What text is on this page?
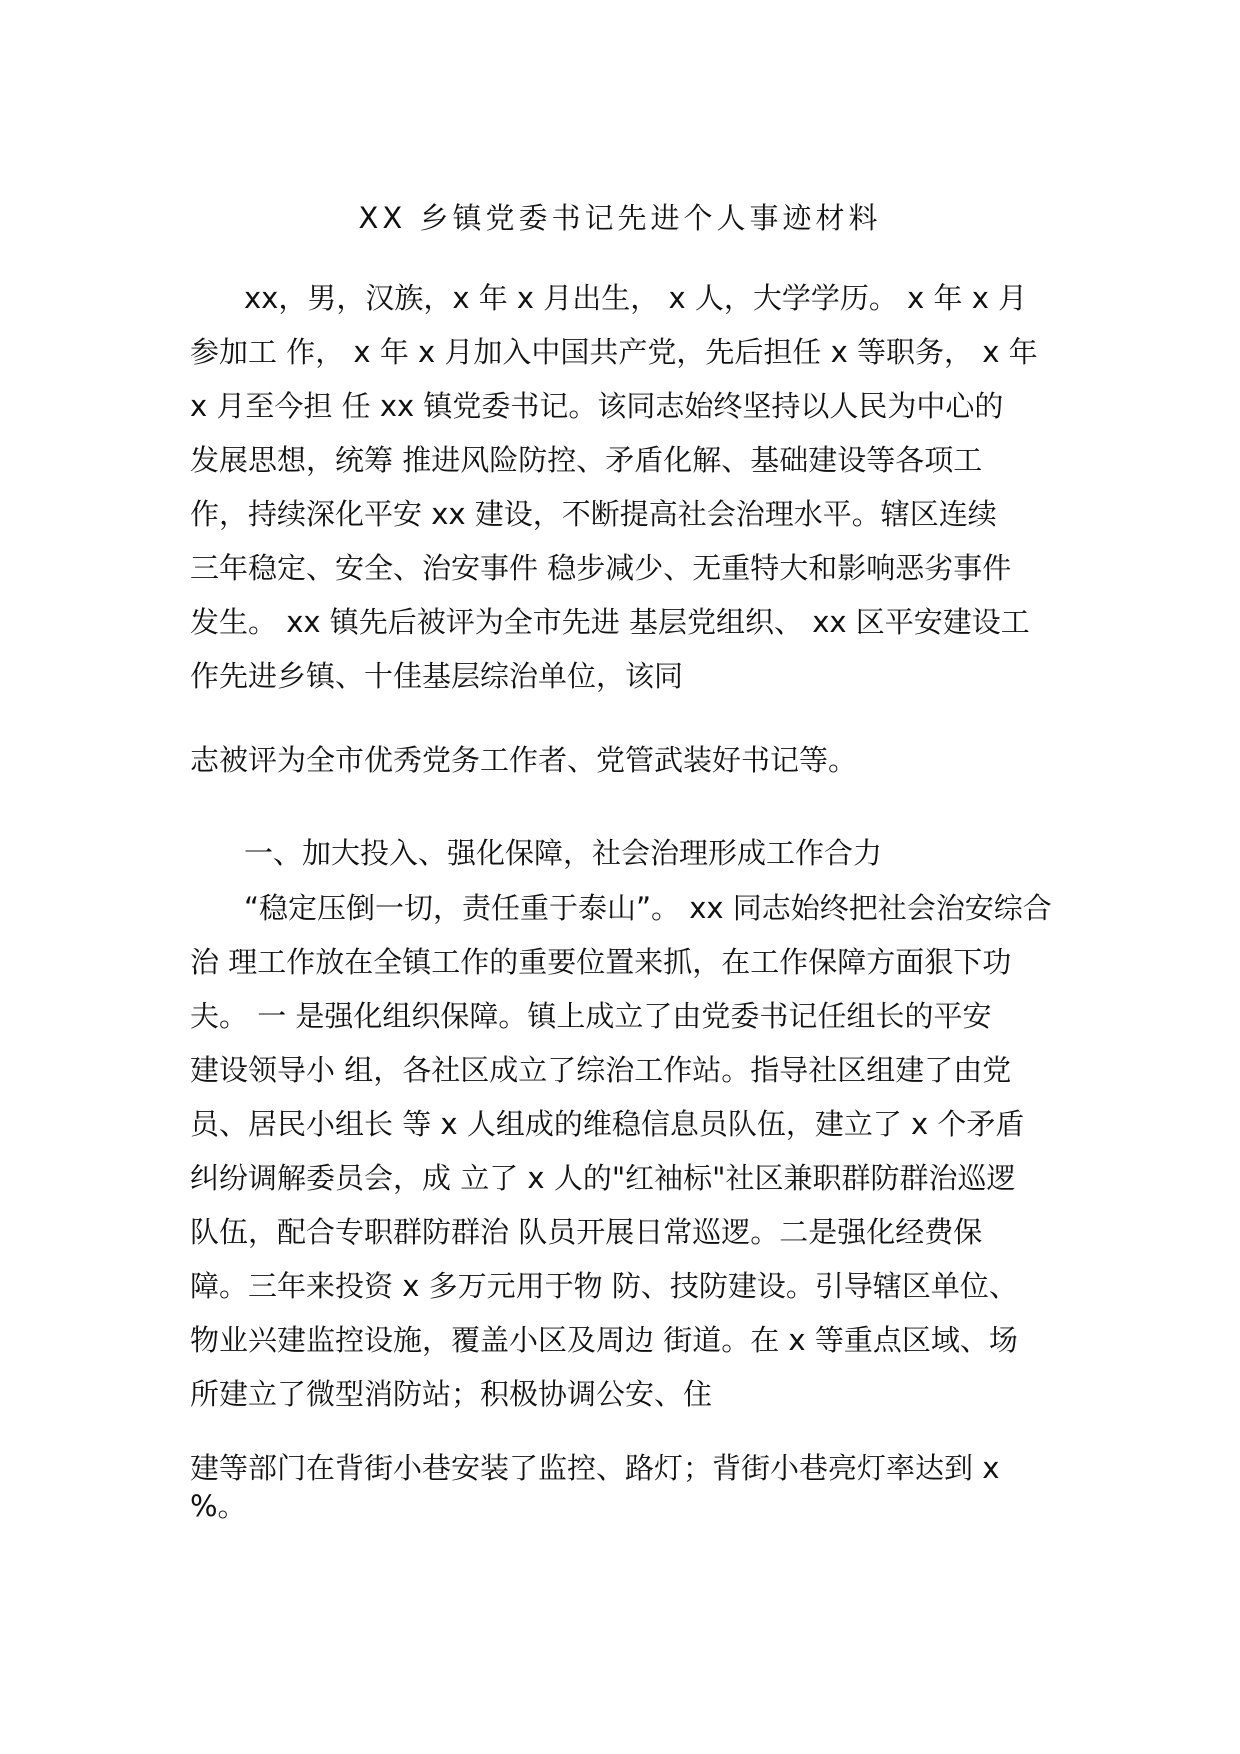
XX 乡镇党委书记先进个人事迹材料
xx，男，汉族，x 年 x 月出生， x 人，大学学历。 x 年 x 月
参加工 作， x 年 x 月加入中国共产党，先后担任 x 等职务， x 年
x 月至今担 任 xx 镇党委书记。该同志始终坚持以人民为中心的
发展思想，统筹 推进风险防控、矛盾化解、基础建设等各项工
作，持续深化平安 xx 建设，不断提高社会治理水平。辖区连续
三年稳定、安全、治安事件 稳步减少、无重特大和影响恶劣事件
发生。 xx 镇先后被评为全市先进 基层党组织、 xx 区平安建设工
作先进乡镇、十佳基层综治单位，该同
志被评为全市优秀党务工作者、党管武装好书记等。
一、加大投入、强化保障，社会治理形成工作合力
“稳定压倒一切，责任重于泰山”。 xx 同志始终把社会治安综合
治 理工作放在全镇工作的重要位置来抓，在工作保障方面狠下功
夫。 一 是强化组织保障。镇上成立了由党委书记任组长的平安
建设领导小 组，各社区成立了综治工作站。指导社区组建了由党
员、居民小组长 等 x 人组成的维稳信息员队伍，建立了 x 个矛盾
纠纷调解委员会，成 立了 x 人的"红袖标"社区兼职群防群治巡逻
队伍，配合专职群防群治 队员开展日常巡逻。二是强化经费保
障。三年来投资 x 多万元用于物 防、技防建设。引导辖区单位、
物业兴建监控设施，覆盖小区及周边 街道。在 x 等重点区域、场
所建立了微型消防站；积极协调公安、住
建等部门在背街小巷安装了监控、路灯；背街小巷亮灯率达到 x
%。
